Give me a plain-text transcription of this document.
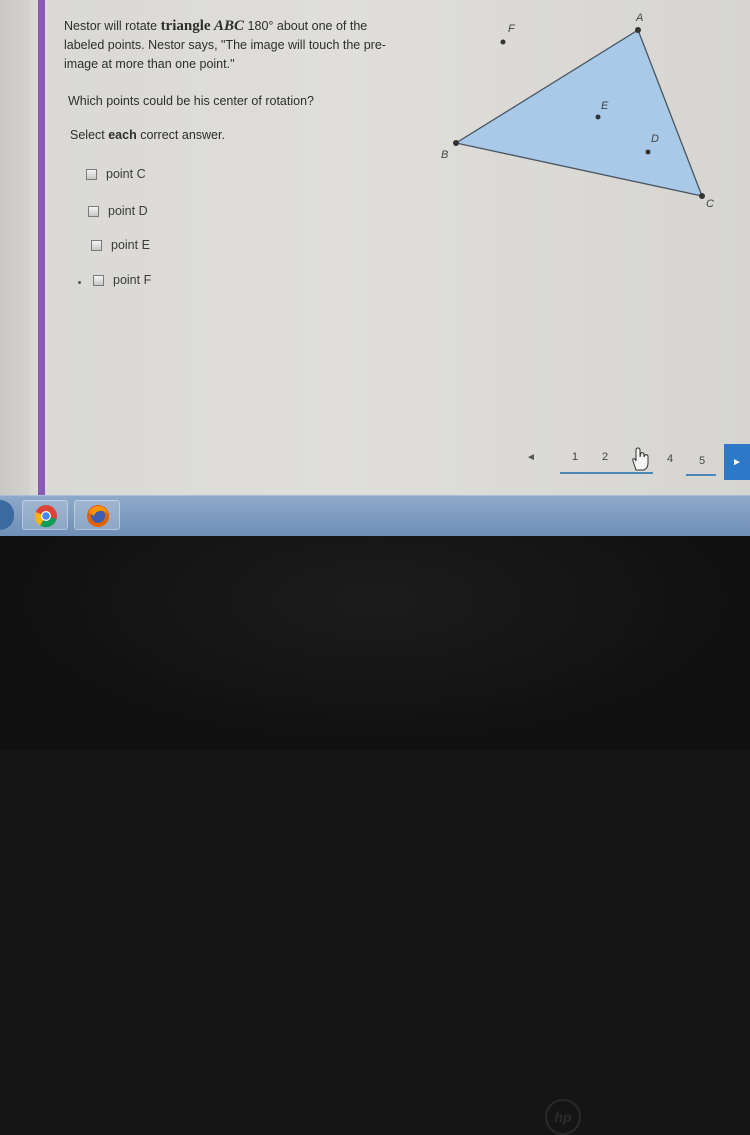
Nestor will rotate triangle ABC 180° about one of the labeled points. Nestor says, "The image will touch the pre-image at more than one point."
Which points could be his center of rotation?
Select each correct answer.
point C
point D
point E
point F
A
B
C
D
E
F
◄	1 2	4 5	►
hp
